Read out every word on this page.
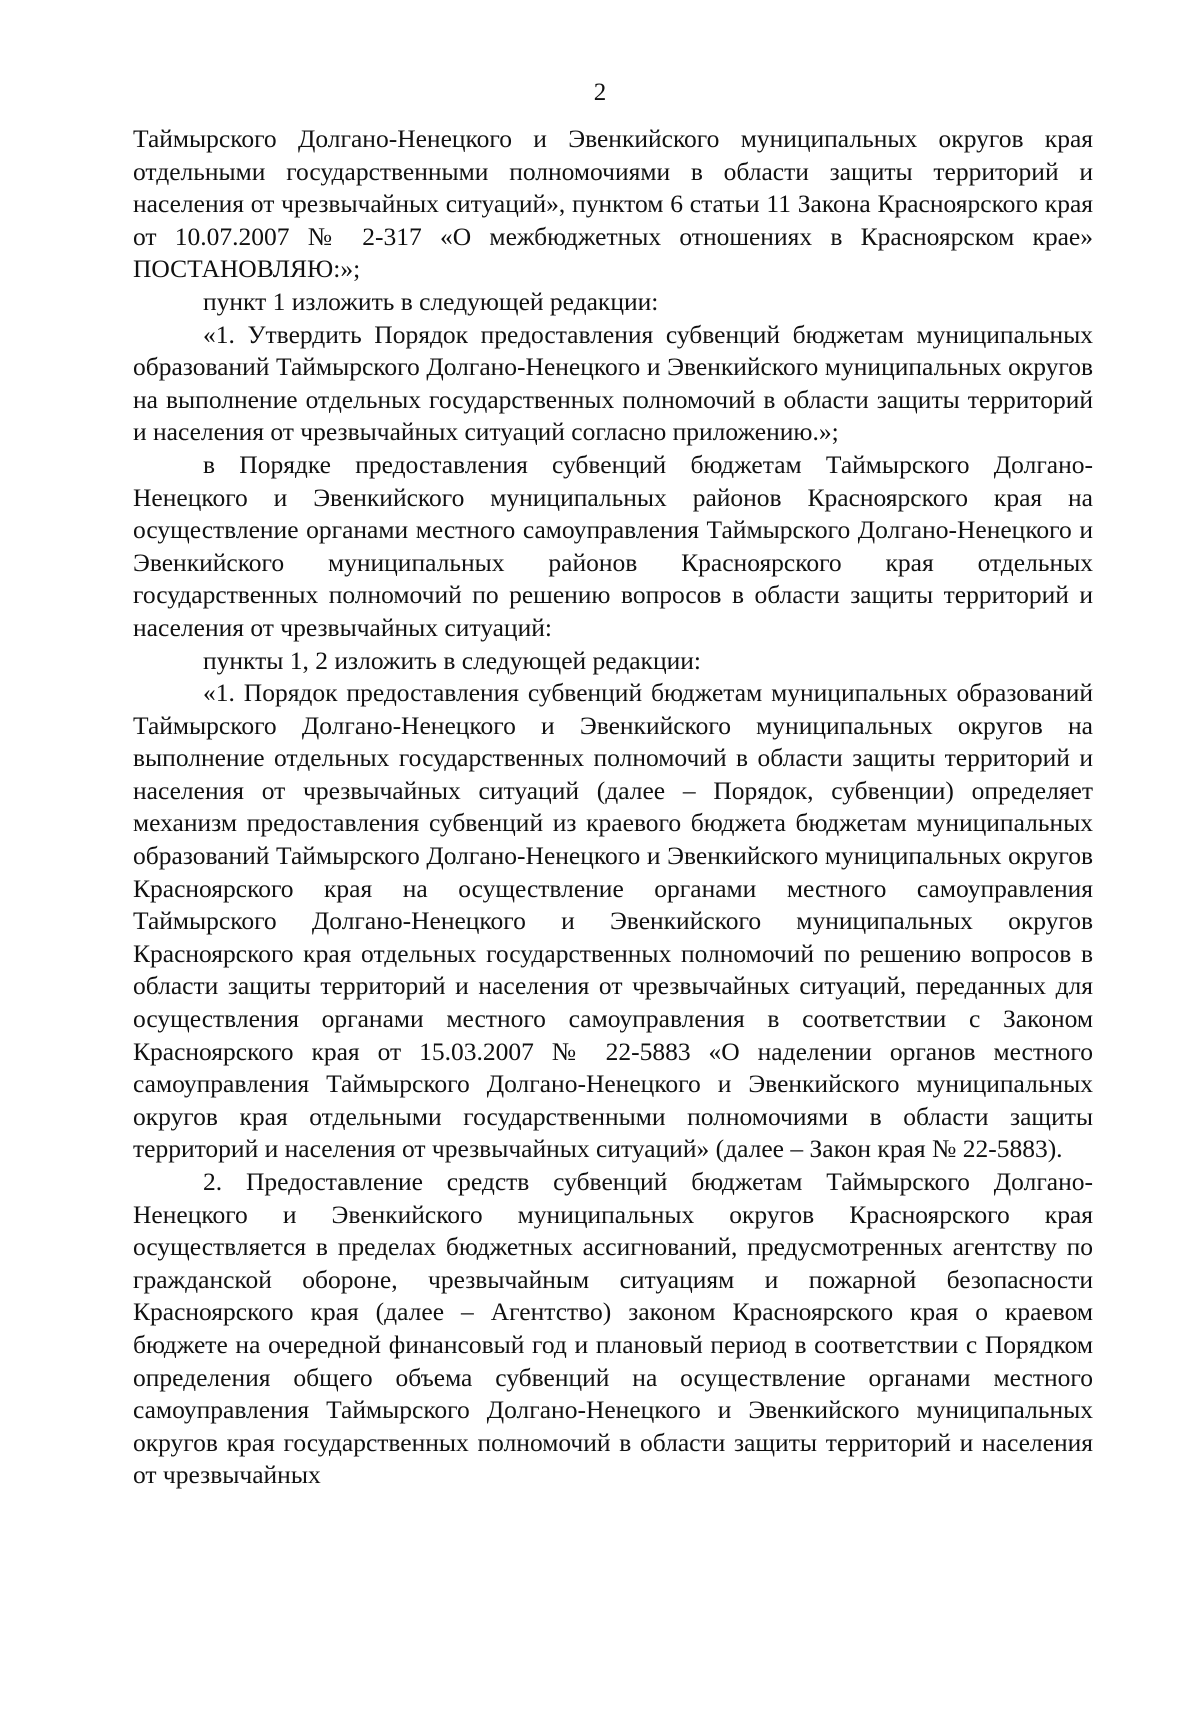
2

Таймырского Долгано-Ненецкого и Эвенкийского муниципальных округов края отдельными государственными полномочиями в области защиты территорий и населения от чрезвычайных ситуаций», пунктом 6 статьи 11 Закона Красноярского края от 10.07.2007 № 2-317 «О межбюджетных отношениях в Красноярском крае» ПОСТАНОВЛЯЮ:»;

пункт 1 изложить в следующей редакции:

«1. Утвердить Порядок предоставления субвенций бюджетам муниципальных образований Таймырского Долгано-Ненецкого и Эвенкийского муниципальных округов на выполнение отдельных государственных полномочий в области защиты территорий и населения от чрезвычайных ситуаций согласно приложению.»;

в Порядке предоставления субвенций бюджетам Таймырского Долгано-Ненецкого и Эвенкийского муниципальных районов Красноярского края на осуществление органами местного самоуправления Таймырского Долгано-Ненецкого и Эвенкийского муниципальных районов Красноярского края отдельных государственных полномочий по решению вопросов в области защиты территорий и населения от чрезвычайных ситуаций:

пункты 1, 2 изложить в следующей редакции:

«1. Порядок предоставления субвенций бюджетам муниципальных образований Таймырского Долгано-Ненецкого и Эвенкийского муниципальных округов на выполнение отдельных государственных полномочий в области защиты территорий и населения от чрезвычайных ситуаций (далее – Порядок, субвенции) определяет механизм предоставления субвенций из краевого бюджета бюджетам муниципальных образований Таймырского Долгано-Ненецкого и Эвенкийского муниципальных округов Красноярского края на осуществление органами местного самоуправления Таймырского Долгано-Ненецкого и Эвенкийского муниципальных округов Красноярского края отдельных государственных полномочий по решению вопросов в области защиты территорий и населения от чрезвычайных ситуаций, переданных для осуществления органами местного самоуправления в соответствии с Законом Красноярского края от 15.03.2007 № 22-5883 «О наделении органов местного самоуправления Таймырского Долгано-Ненецкого и Эвенкийского муниципальных округов края отдельными государственными полномочиями в области защиты территорий и населения от чрезвычайных ситуаций» (далее – Закон края № 22-5883).

2. Предоставление средств субвенций бюджетам Таймырского Долгано-Ненецкого и Эвенкийского муниципальных округов Красноярского края осуществляется в пределах бюджетных ассигнований, предусмотренных агентству по гражданской обороне, чрезвычайным ситуациям и пожарной безопасности Красноярского края (далее – Агентство) законом Красноярского края о краевом бюджете на очередной финансовый год и плановый период в соответствии с Порядком определения общего объема субвенций на осуществление органами местного самоуправления Таймырского Долгано-Ненецкого и Эвенкийского муниципальных округов края государственных полномочий в области защиты территорий и населения от чрезвычайных
